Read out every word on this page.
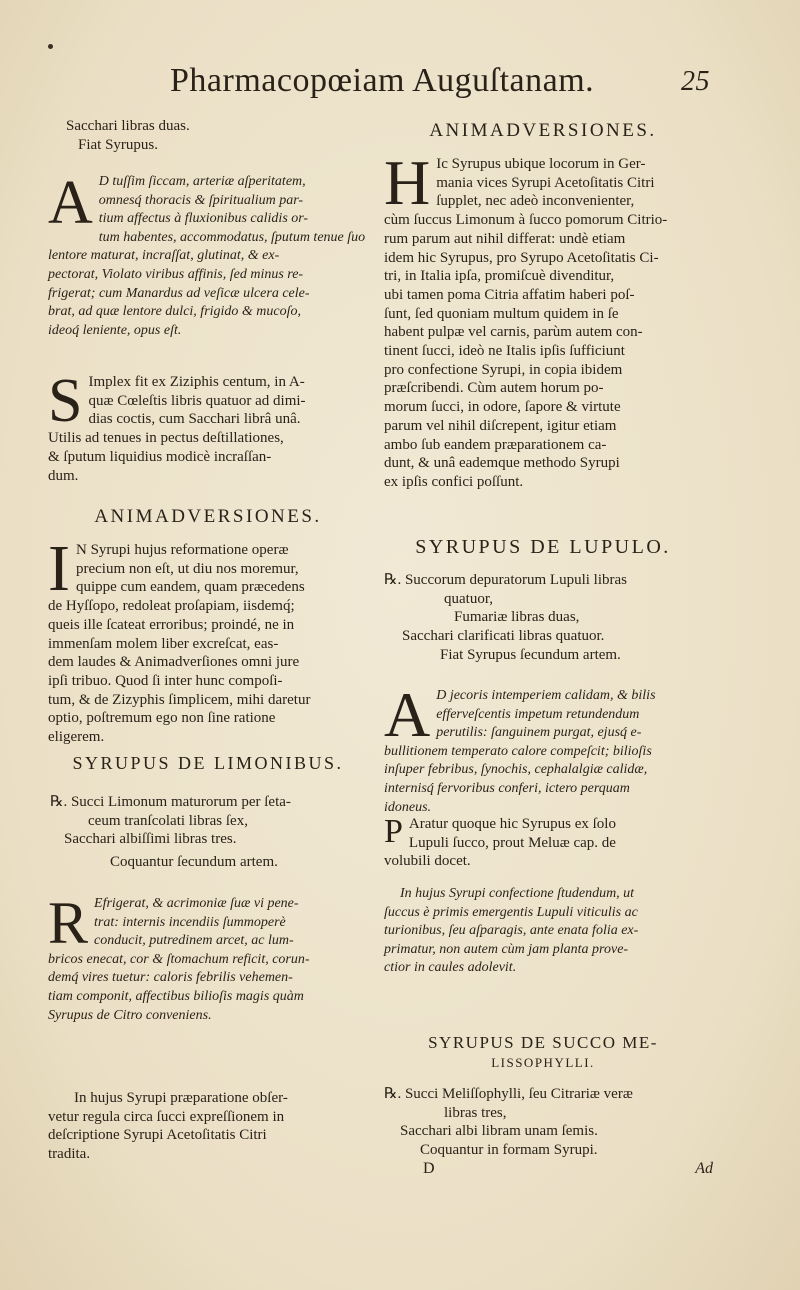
Pharmacopœiam Auguſtanam.	25

Sacchari libras duas.

Fiat Syrupus.

A D tuſſim ſiccam, arteriæ aſperitatem,

omnesq́ thoracis & ſpiritualium par-

tium affectus à fluxionibus calidis or-

tum habentes, accommodatus, ſputum tenue ſuo

lentore maturat, incraſſat, glutinat, & ex-

pectorat, Violato viribus affinis, ſed minus re-

frigerat; cum Manardus ad veſicæ ulcera cele-

brat, ad quæ lentore dulci, frigido & mucoſo,

ideoq́ leniente, opus eſt.

S Implex fit ex Ziziphis centum, in A-

quæ Cœleſtis libris quatuor ad dimi-

dias coctis, cum Sacchari librâ unâ.

Utilis ad tenues in pectus deſtillationes,

& ſputum liquidius modicè incraſſan-

dum.

ANIMADVERSIONES.
I N Syrupi hujus reformatione operæ

precium non eſt, ut diu nos moremur,

quippe cum eandem, quam præcedens

de Hyſſopo, redoleat proſapiam, iisdemq́;

queis ille ſcateat erroribus; proindé, ne in

immenſam molem liber excreſcat, eas-

dem laudes & Animadverſiones omni jure

ipſi tribuo. Quod ſi inter hunc compoſi-

tum, & de Zizyphis ſimplicem, mihi daretur

optio, poſtremum ego non ſine ratione

eligerem.

SYRUPUS DE LIMONIBUS.

℞. Succi Limonum maturorum per ſeta-

ceum tranſcolati libras ſex,

Sacchari albiſſimi libras tres.

Coquantur ſecundum artem.

R Efrigerat, & acrimoniæ ſuæ vi pene-

trat: internis incendiis ſummoperè

conducit, putredinem arcet, ac lum-

bricos enecat, cor & ſtomachum reficit, corun-

demq́ vires tuetur: caloris febrilis vehemen-

tiam componit, affectibus bilioſis magis quàm

Syrupus de Citro conveniens.

In hujus Syrupi præparatione obſer-

vetur regula circa ſucci expreſſionem in

deſcriptione Syrupi Acetoſitatis Citri

tradita.

ANIMADVERSIONES.
H Ic Syrupus ubique locorum in Ger-

mania vices Syrupi Acetoſitatis Citri

ſupplet, nec adeò inconvenienter,

cùm ſuccus Limonum à ſucco pomorum Citrio-

rum parum aut nihil differat: undè etiam

idem hic Syrupus, pro Syrupo Acetoſitatis Ci-

tri, in Italia ipſa, promiſcuè divenditur,

ubi tamen poma Citria affatim haberi poſ-

ſunt, ſed quoniam multum quidem in ſe

habent pulpæ vel carnis, parùm autem con-

tinent ſucci, ideò ne Italis ipſis ſufficiunt

pro confectione Syrupi, in copia ibidem

præſcribendi. Cùm autem horum po-

morum ſucci, in odore, ſapore & virtute

parum vel nihil diſcrepent, igitur etiam

ambo ſub eandem præparationem ca-

dunt, & unâ eademque methodo Syrupi

ex ipſis confici poſſunt.

SYRUPUS DE LUPULO.

℞. Succorum depuratorum Lupuli libras

quatuor,

Fumariæ libras duas,

Sacchari clarificati libras quatuor.

Fiat Syrupus ſecundum artem.

A D jecoris intemperiem calidam, & bilis

efferveſcentis impetum retundendum

perutilis: ſanguinem purgat, ejusq́ e-

bullitionem temperato calore compeſcit; bilioſis

inſuper febribus, ſynochis, cephalalgiæ calidæ,

internisq́ fervoribus conferi, ictero perquam

idoneus.

P Aratur quoque hic Syrupus ex ſolo

Lupuli ſucco, prout Meluæ cap. de

volubili docet.

In hujus Syrupi confectione ſtudendum, ut

ſuccus è primis emergentis Lupuli viticulis ac

turionibus, ſeu aſparagis, ante enata folia ex-

primatur, non autem cùm jam planta prove-

ctior in caules adolevit.

SYRUPUS DE SUCCO ME-
LISSOPHYLLI.

℞. Succi Meliſſophylli, ſeu Citrariæ veræ

libras tres,

Sacchari albi libram unam ſemis.

Coquantur in formam Syrupi.

D	Ad
